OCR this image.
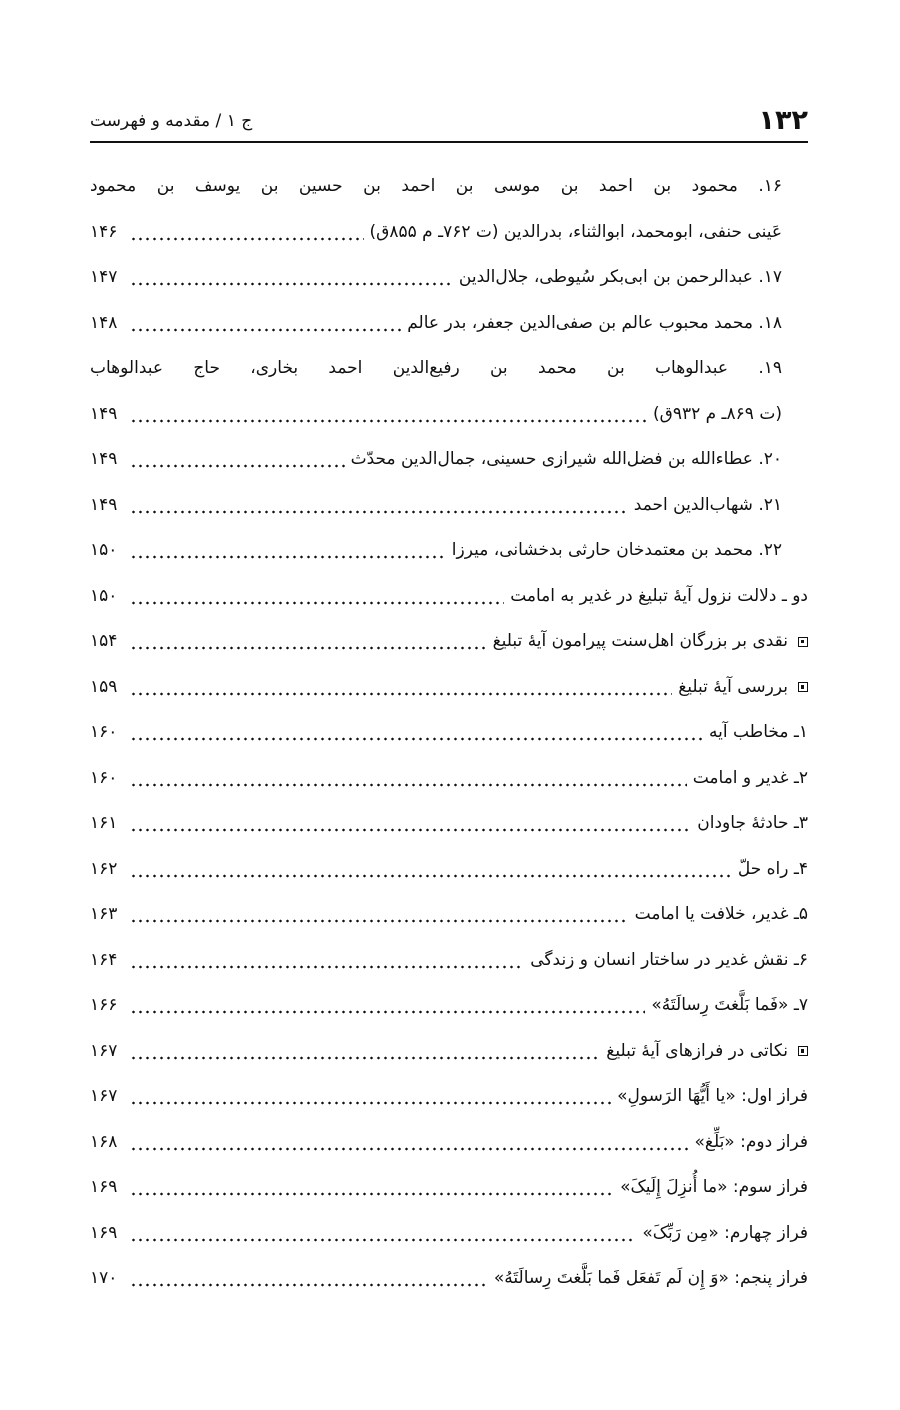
۱۳۲
ج ۱ / مقدمه و فهرست
۱۶. محمود بن احمد بن موسی بن احمد بن حسین بن یوسف بن محمود
عَینی حنفی، ابومحمد، ابوالثناء، بدرالدین (ت ۷۶۲ـ م ۸۵۵ق)
۱۴۶
۱۷. عبدالرحمن بن ابی‌بکر سُیوطی، جلال‌الدین
۱۴۷
۱۸. محمد محبوب عالم بن صفی‌الدین جعفر، بدر عالم
۱۴۸
۱۹. عبدالوهاب بن محمد بن رفیع‌الدین احمد بخاری، حاج عبدالوهاب
(ت ۸۶۹ـ م ۹۳۲ق)
۱۴۹
۲۰. عطاءالله بن فضل‌الله شیرازی حسینی، جمال‌الدین محدّث
۱۴۹
۲۱. شهاب‌الدین احمد
۱۴۹
۲۲. محمد بن معتمدخان حارثی بدخشانی، میرزا
۱۵۰
دو ـ دلالت نزول آیهٔ تبلیغ در غدیر به امامت
۱۵۰
نقدی بر بزرگان اهل‌سنت پیرامون آیهٔ تبلیغ
۱۵۴
بررسی آیهٔ تبلیغ
۱۵۹
۱ـ مخاطب آیه
۱۶۰
۲ـ غدیر و امامت
۱۶۰
۳ـ حادثهٔ جاودان
۱۶۱
۴ـ راه حلّ
۱۶۲
۵ـ غدیر، خلافت یا امامت
۱۶۳
۶ـ نقش غدیر در ساختار انسان و زندگی
۱۶۴
۷ـ «فَما بَلَّغتَ رِسالَتَهُ»
۱۶۶
نکاتی در فرازهای آیهٔ تبلیغ
۱۶۷
فراز اول: «یا أَیُّهَا الرَسولِ»
۱۶۷
فراز دوم: «بَلِّغ»
۱۶۸
فراز سوم: «ما أُنزِلَ إِلَیکَ»
۱۶۹
فراز چهارم: «مِن رَبِّکَ»
۱۶۹
فراز پنجم: «وَ إِن لَم تَفعَل فَما بَلَّغتَ رِسالَتَهُ»
۱۷۰
